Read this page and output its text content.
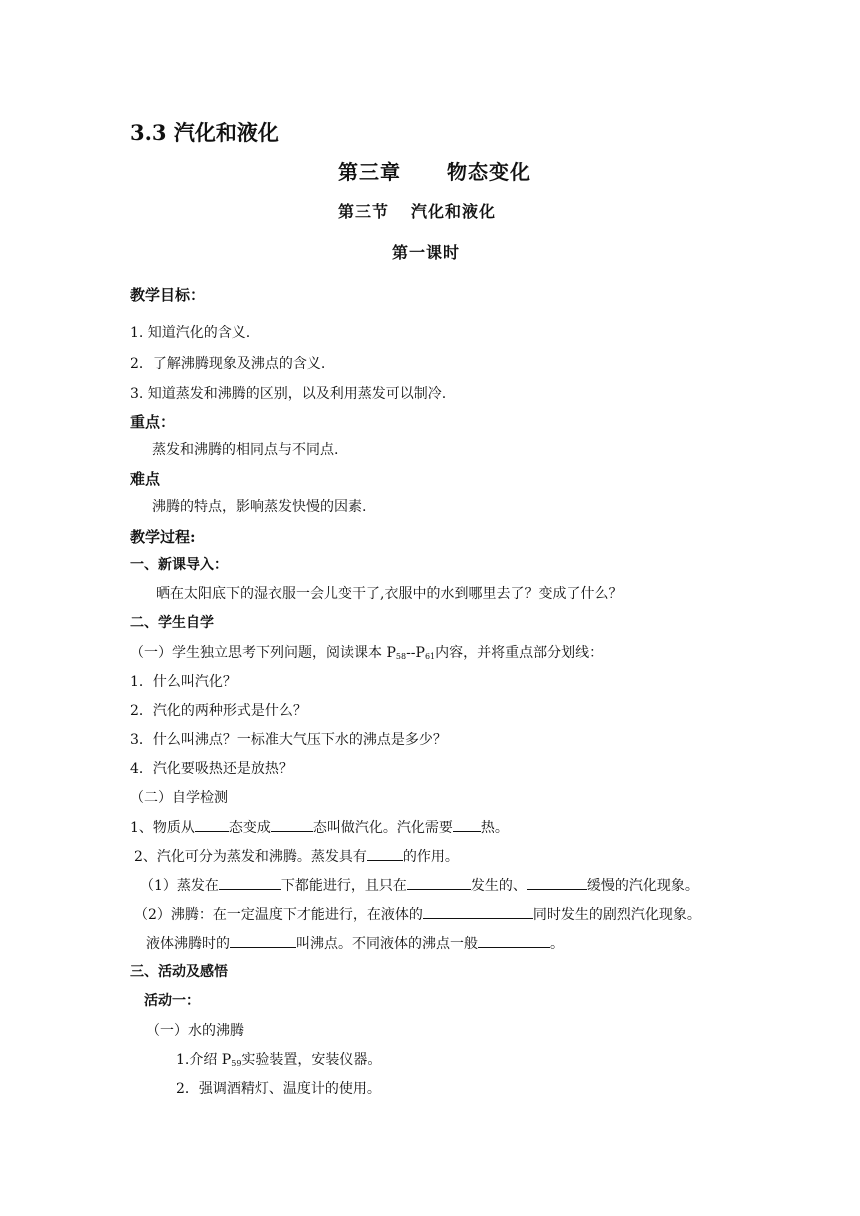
3.3 汽化和液化
第三章 物态变化
第三节 汽化和液化
第一课时
教学目标：
1. 知道汽化的含义.
2．了解沸腾现象及沸点的含义.
3. 知道蒸发和沸腾的区别，以及利用蒸发可以制冷.
重点：
蒸发和沸腾的相同点与不同点.
难点
沸腾的特点，影响蒸发快慢的因素.
教学过程:
一、新课导入：
晒在太阳底下的湿衣服一会儿变干了,衣服中的水到哪里去了？变成了什么？
二、学生自学
（一）学生独立思考下列问题，阅读课本 $P_{58}--P_{61}$内容，并将重点部分划线：
1．什么叫汽化？
2．汽化的两种形式是什么？
3．什么叫沸点？一标准大气压下水的沸点是多少？
4．汽化要吸热还是放热？
（二）自学检测
1、物质从 态变成	态叫做汽化。汽化需要 热。
2、汽化可分为蒸发和沸腾。蒸发具有	的作用。
（1）蒸发在	下都能进行，且只在	发生的、	缓慢的汽化现象。
（2）沸腾：在一定温度下才能进行，在液体的	同时发生的剧烈汽化现象。
液体沸腾时的	叫沸点。不同液体的沸点一般	。
三、活动及感悟
活动一：
（一）水的沸腾
1.介绍 $P_{59}$实验装置，安装仪器。
2．强调酒精灯、温度计的使用。
